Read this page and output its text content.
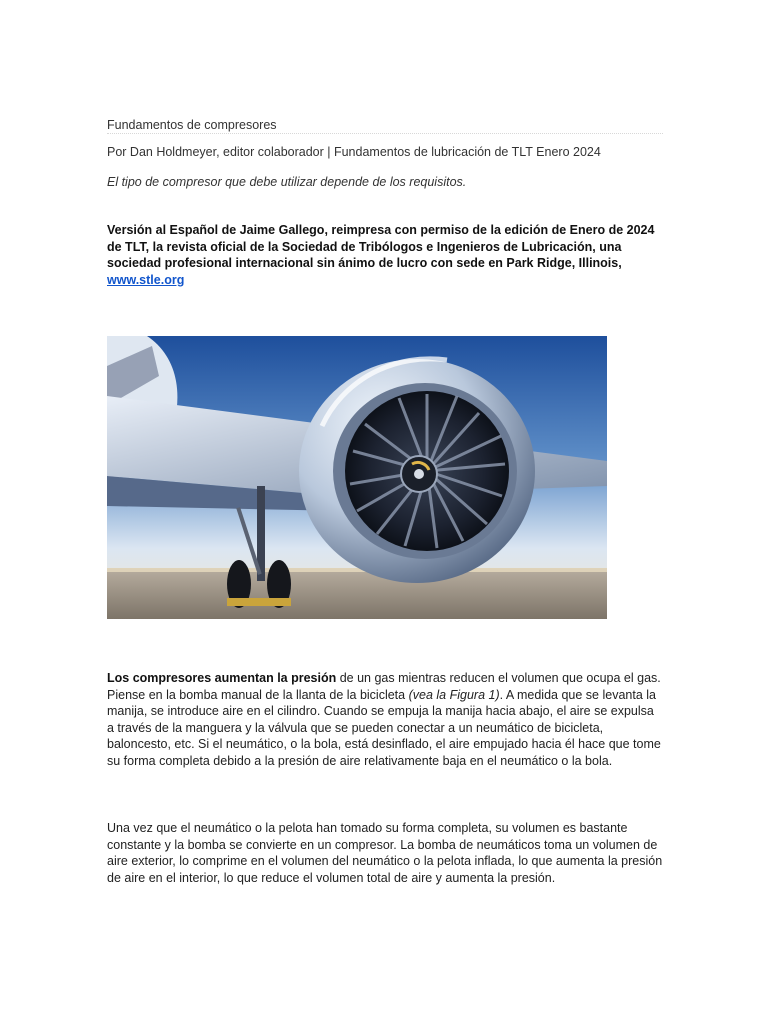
Fundamentos de compresores
Por Dan Holdmeyer, editor colaborador | Fundamentos de lubricación de TLT Enero 2024
El tipo de compresor que debe utilizar depende de los requisitos.
Versión al Español de Jaime Gallego, reimpresa con permiso de la edición de Enero de 2024 de TLT, la revista oficial de la Sociedad de Tribólogos e Ingenieros de Lubricación, una sociedad profesional internacional sin ánimo de lucro con sede en Park Ridge, Illinois, www.stle.org
Los compresores aumentan la presión de un gas mientras reducen el volumen que ocupa el gas. Piense en la bomba manual de la llanta de la bicicleta (vea la Figura 1). A medida que se levanta la manija, se introduce aire en el cilindro. Cuando se empuja la manija hacia abajo, el aire se expulsa a través de la manguera y la válvula que se pueden conectar a un neumático de bicicleta, baloncesto, etc. Si el neumático, o la bola, está desinflado, el aire empujado hacia él hace que tome su forma completa debido a la presión de aire relativamente baja en el neumático o la bola.
Una vez que el neumático o la pelota han tomado su forma completa, su volumen es bastante constante y la bomba se convierte en un compresor. La bomba de neumáticos toma un volumen de aire exterior, lo comprime en el volumen del neumático o la pelota inflada, lo que aumenta la presión de aire en el interior, lo que reduce el volumen total de aire y aumenta la presión.
